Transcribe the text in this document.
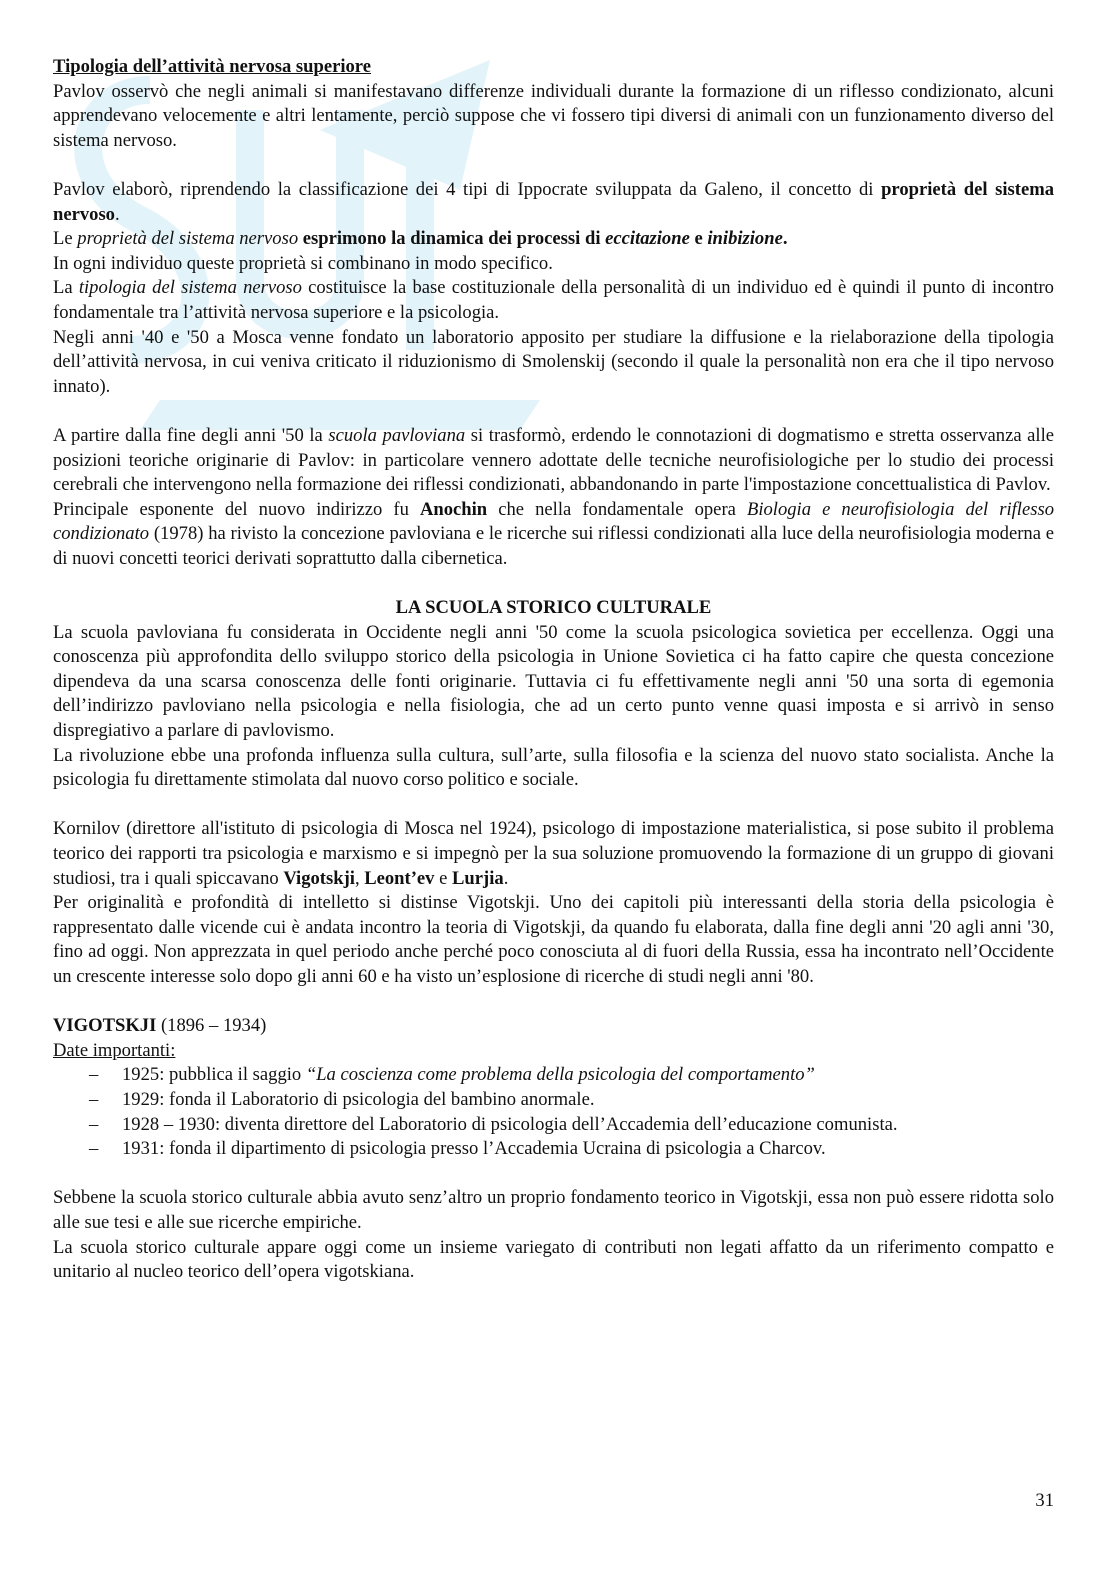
Tipologia dell’attività nervosa superiore

Pavlov osservò che negli animali si manifestavano differenze individuali durante la formazione di un riflesso condizionato, alcuni apprendevano velocemente e altri lentamente, perciò suppose che vi fossero tipi diversi di animali con un funzionamento diverso del sistema nervoso.

Pavlov elaborò, riprendendo la classificazione dei 4 tipi di Ippocrate sviluppata da Galeno, il concetto di proprietà del sistema nervoso.

Le proprietà del sistema nervoso esprimono la dinamica dei processi di eccitazione e inibizione.

In ogni individuo queste proprietà si combinano in modo specifico.

La tipologia del sistema nervoso costituisce la base costituzionale della personalità di un individuo ed è quindi il punto di incontro fondamentale tra l’attività nervosa superiore e la psicologia.

Negli anni '40 e '50 a Mosca venne fondato un laboratorio apposito per studiare la diffusione e la rielaborazione della tipologia dell’attività nervosa, in cui veniva criticato il riduzionismo di Smolenskij (secondo il quale la personalità non era che il tipo nervoso innato).

A partire dalla fine degli anni '50 la scuola pavloviana si trasformò, erdendo le connotazioni di dogmatismo e stretta osservanza alle posizioni teoriche originarie di Pavlov: in particolare vennero adottate delle tecniche neurofisiologiche per lo studio dei processi cerebrali che intervengono nella formazione dei riflessi condizionati, abbandonando in parte l'impostazione concettualistica di Pavlov.

Principale esponente del nuovo indirizzo fu Anochin che nella fondamentale opera Biologia e neurofisiologia del riflesso condizionato (1978) ha rivisto la concezione pavloviana e le ricerche sui riflessi condizionati alla luce della neurofisiologia moderna e di nuovi concetti teorici derivati soprattutto dalla cibernetica.

LA SCUOLA STORICO CULTURALE

La scuola pavloviana fu considerata in Occidente negli anni '50 come la scuola psicologica sovietica per eccellenza. Oggi una conoscenza più approfondita dello sviluppo storico della psicologia in Unione Sovietica ci ha fatto capire che questa concezione dipendeva da una scarsa conoscenza delle fonti originarie. Tuttavia ci fu effettivamente negli anni '50 una sorta di egemonia dell’indirizzo pavloviano nella psicologia e nella fisiologia, che ad un certo punto venne quasi imposta e si arrivò in senso dispregiativo a parlare di pavlovismo.

La rivoluzione ebbe una profonda influenza sulla cultura, sull’arte, sulla filosofia e la scienza del nuovo stato socialista. Anche la psicologia fu direttamente stimolata dal nuovo corso politico e sociale.

Kornilov (direttore all'istituto di psicologia di Mosca nel 1924), psicologo di impostazione materialistica, si pose subito il problema teorico dei rapporti tra psicologia e marxismo e si impegnò per la sua soluzione promuovendo la formazione di un gruppo di giovani studiosi, tra i quali spiccavano Vigotskji, Leont’ev e Lurjia.

Per originalità e profondità di intelletto si distinse Vigotskji. Uno dei capitoli più interessanti della storia della psicologia è rappresentato dalle vicende cui è andata incontro la teoria di Vigotskji, da quando fu elaborata, dalla fine degli anni '20 agli anni '30, fino ad oggi. Non apprezzata in quel periodo anche perché poco conosciuta al di fuori della Russia, essa ha incontrato nell’Occidente un crescente interesse solo dopo gli anni 60 e ha visto un’esplosione di ricerche di studi negli anni '80.

VIGOTSKJI (1896 – 1934)

Date importanti:

– 1925: pubblica il saggio “La coscienza come problema della psicologia del comportamento”
– 1929: fonda il Laboratorio di psicologia del bambino anormale.
– 1928 – 1930: diventa direttore del Laboratorio di psicologia dell’Accademia dell’educazione comunista.
– 1931: fonda il dipartimento di psicologia presso l’Accademia Ucraina di psicologia a Charcov.

Sebbene la scuola storico culturale abbia avuto senz’altro un proprio fondamento teorico in Vigotskji, essa non può essere ridotta solo alle sue tesi e alle sue ricerche empiriche.

La scuola storico culturale appare oggi come un insieme variegato di contributi non legati affatto da un riferimento compatto e unitario al nucleo teorico dell’opera vigotskiana.

31
